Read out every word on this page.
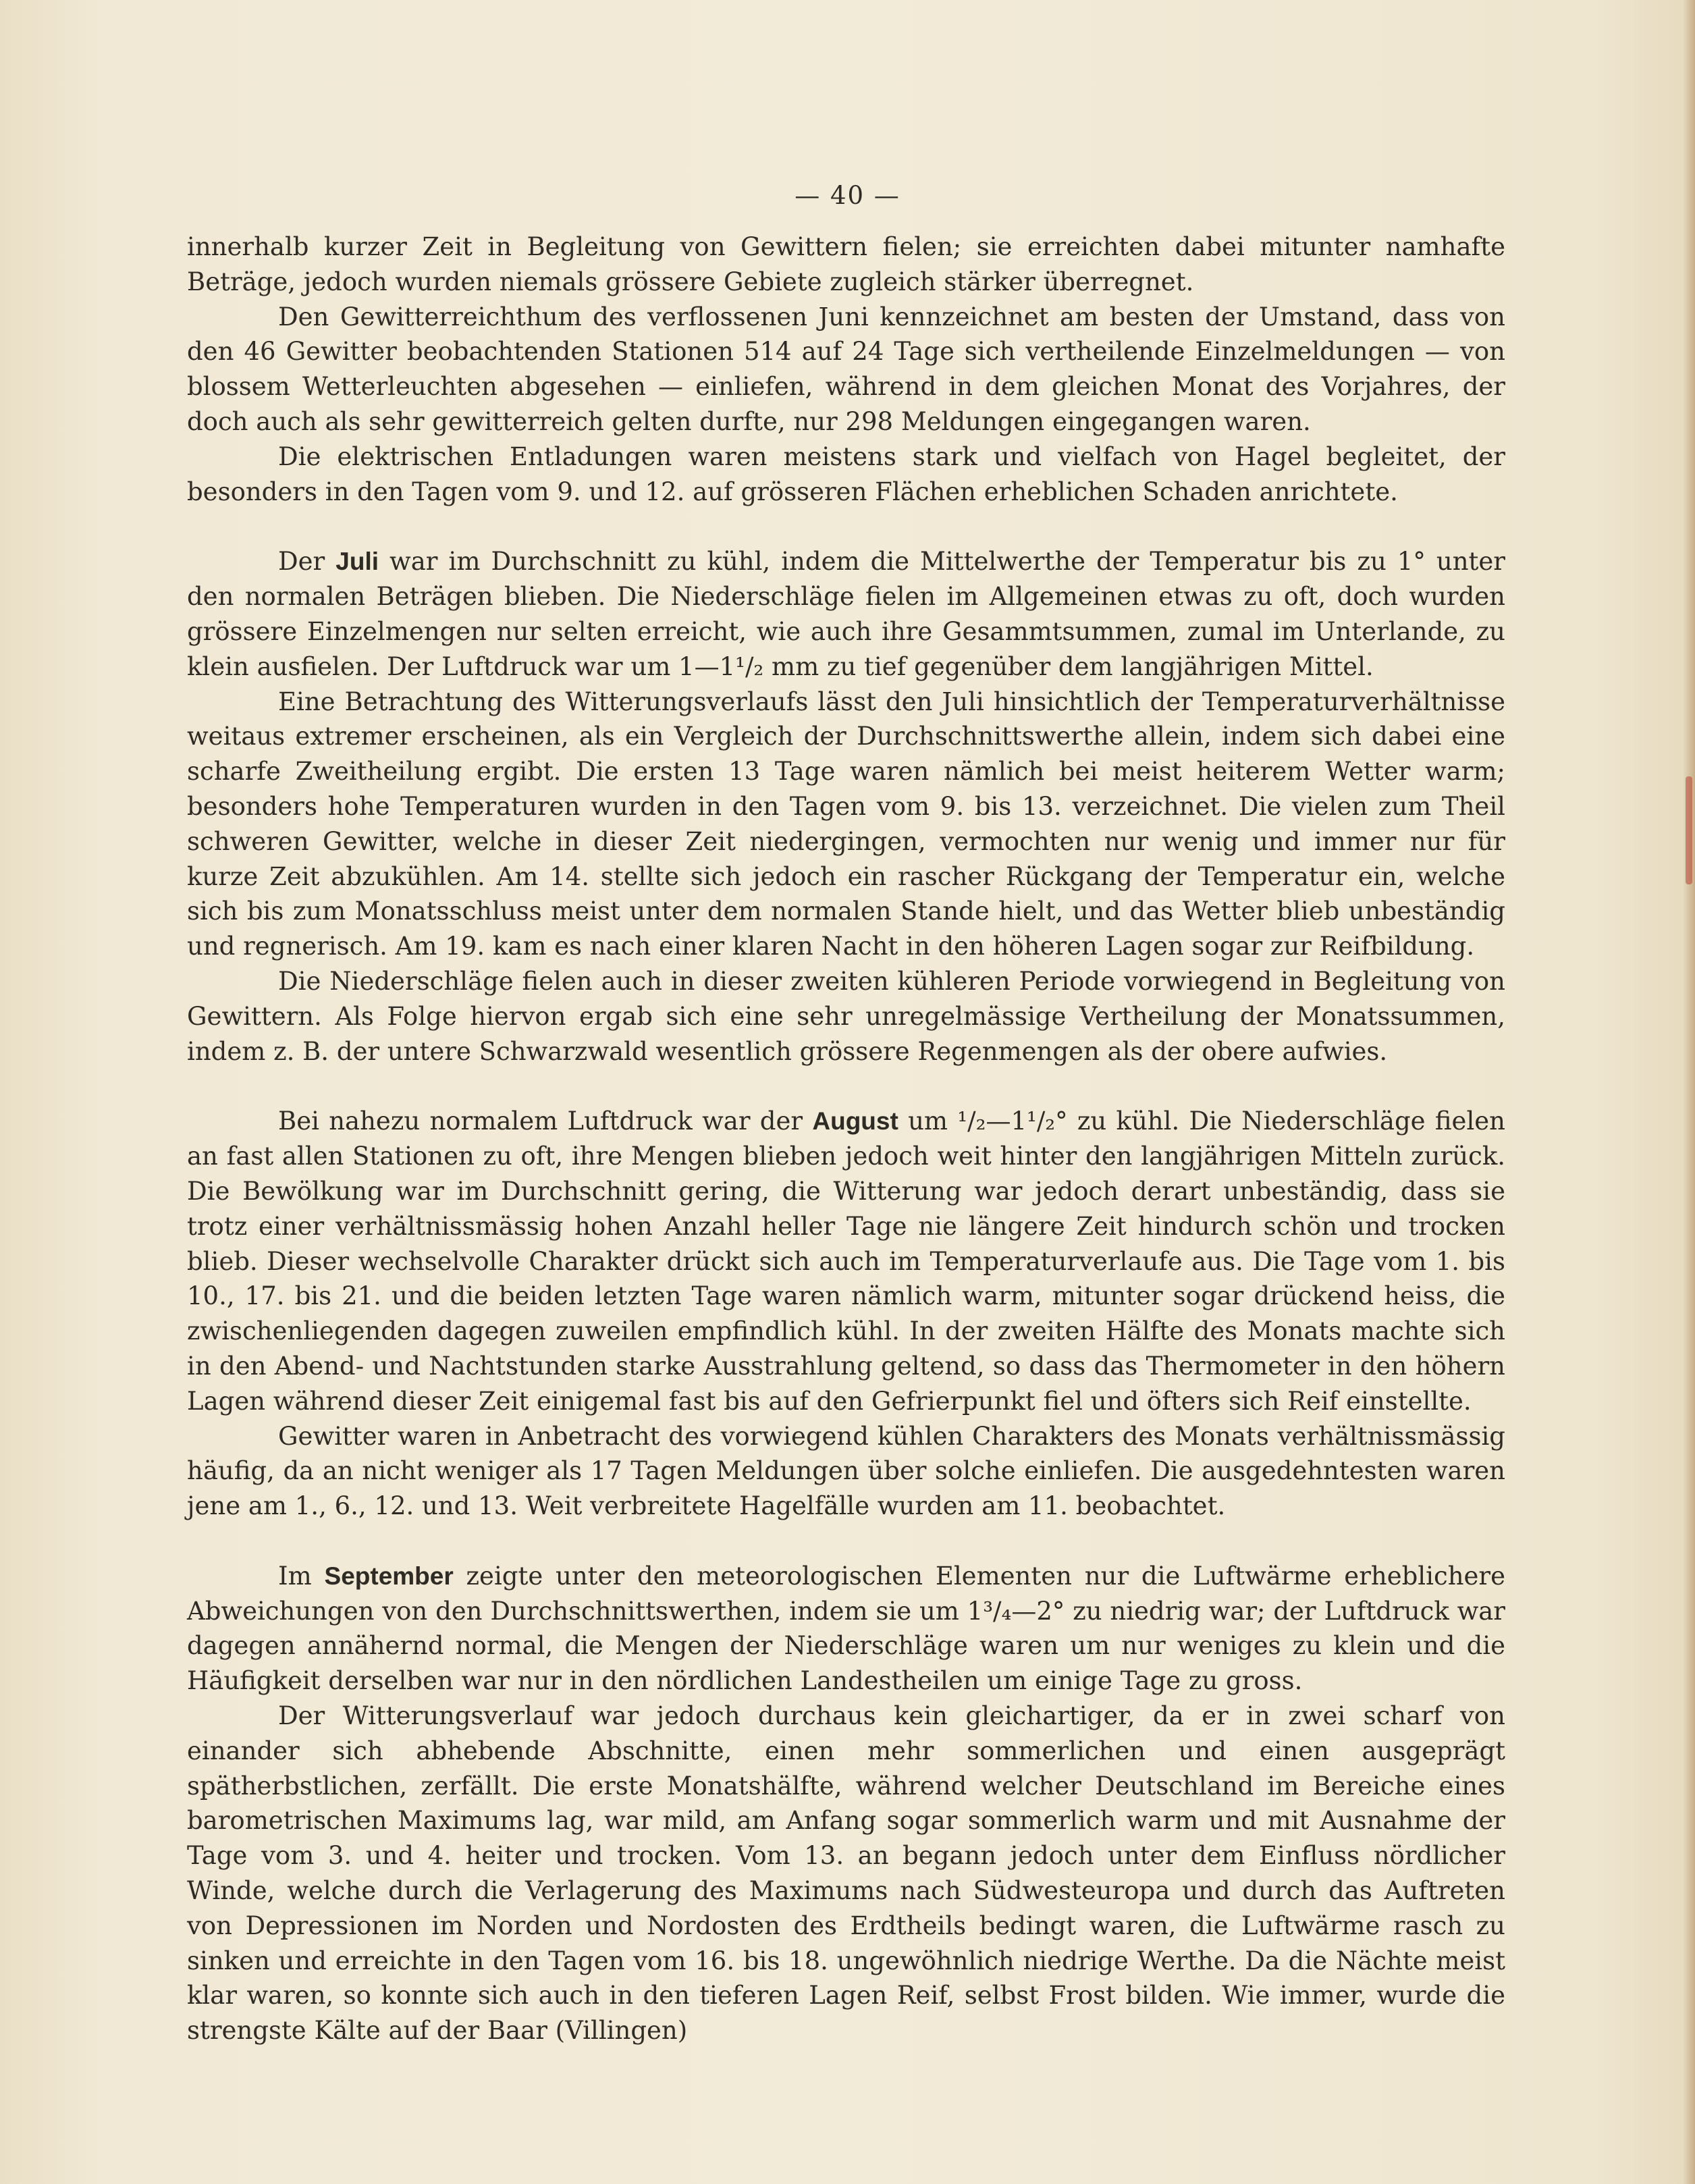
— 40 —

innerhalb kurzer Zeit in Begleitung von Gewittern fielen; sie erreichten dabei mitunter namhafte Beträge, jedoch wurden niemals grössere Gebiete zugleich stärker überregnet.

Den Gewitterreichthum des verflossenen Juni kennzeichnet am besten der Umstand, dass von den 46 Gewitter beobachtenden Stationen 514 auf 24 Tage sich vertheilende Einzelmeldungen — von blossem Wetterleuchten abgesehen — einliefen, während in dem gleichen Monat des Vorjahres, der doch auch als sehr gewitterreich gelten durfte, nur 298 Meldungen eingegangen waren.

Die elektrischen Entladungen waren meistens stark und vielfach von Hagel begleitet, der besonders in den Tagen vom 9. und 12. auf grösseren Flächen erheblichen Schaden anrichtete.

Der Juli war im Durchschnitt zu kühl, indem die Mittelwerthe der Temperatur bis zu 1° unter den normalen Beträgen blieben. Die Niederschläge fielen im Allgemeinen etwas zu oft, doch wurden grössere Einzelmengen nur selten erreicht, wie auch ihre Gesammtsummen, zumal im Unterlande, zu klein ausfielen. Der Luftdruck war um 1—1¹/₂ mm zu tief gegenüber dem langjährigen Mittel.

Eine Betrachtung des Witterungsverlaufs lässt den Juli hinsichtlich der Temperaturverhältnisse weitaus extremer erscheinen, als ein Vergleich der Durchschnittswerthe allein, indem sich dabei eine scharfe Zweitheilung ergibt. Die ersten 13 Tage waren nämlich bei meist heiterem Wetter warm; besonders hohe Temperaturen wurden in den Tagen vom 9. bis 13. verzeichnet. Die vielen zum Theil schweren Gewitter, welche in dieser Zeit niedergingen, vermochten nur wenig und immer nur für kurze Zeit abzukühlen. Am 14. stellte sich jedoch ein rascher Rückgang der Temperatur ein, welche sich bis zum Monatsschluss meist unter dem normalen Stande hielt, und das Wetter blieb unbeständig und regnerisch. Am 19. kam es nach einer klaren Nacht in den höheren Lagen sogar zur Reifbildung.

Die Niederschläge fielen auch in dieser zweiten kühleren Periode vorwiegend in Begleitung von Gewittern. Als Folge hiervon ergab sich eine sehr unregelmässige Vertheilung der Monatssummen, indem z. B. der untere Schwarzwald wesentlich grössere Regenmengen als der obere aufwies.

Bei nahezu normalem Luftdruck war der August um ¹/₂—1¹/₂° zu kühl. Die Niederschläge fielen an fast allen Stationen zu oft, ihre Mengen blieben jedoch weit hinter den langjährigen Mitteln zurück. Die Bewölkung war im Durchschnitt gering, die Witterung war jedoch derart unbeständig, dass sie trotz einer verhältnissmässig hohen Anzahl heller Tage nie längere Zeit hindurch schön und trocken blieb. Dieser wechselvolle Charakter drückt sich auch im Temperaturverlaufe aus. Die Tage vom 1. bis 10., 17. bis 21. und die beiden letzten Tage waren nämlich warm, mitunter sogar drückend heiss, die zwischenliegenden dagegen zuweilen empfindlich kühl. In der zweiten Hälfte des Monats machte sich in den Abend- und Nachtstunden starke Ausstrahlung geltend, so dass das Thermometer in den höhern Lagen während dieser Zeit einigemal fast bis auf den Gefrierpunkt fiel und öfters sich Reif einstellte.

Gewitter waren in Anbetracht des vorwiegend kühlen Charakters des Monats verhältnissmässig häufig, da an nicht weniger als 17 Tagen Meldungen über solche einliefen. Die ausgedehntesten waren jene am 1., 6., 12. und 13. Weit verbreitete Hagelfälle wurden am 11. beobachtet.

Im September zeigte unter den meteorologischen Elementen nur die Luftwärme erheblichere Abweichungen von den Durchschnittswerthen, indem sie um 1³/₄—2° zu niedrig war; der Luftdruck war dagegen annähernd normal, die Mengen der Niederschläge waren um nur weniges zu klein und die Häufigkeit derselben war nur in den nördlichen Landestheilen um einige Tage zu gross.

Der Witterungsverlauf war jedoch durchaus kein gleichartiger, da er in zwei scharf von einander sich abhebende Abschnitte, einen mehr sommerlichen und einen ausgeprägt spätherbstlichen, zerfällt. Die erste Monatshälfte, während welcher Deutschland im Bereiche eines barometrischen Maximums lag, war mild, am Anfang sogar sommerlich warm und mit Ausnahme der Tage vom 3. und 4. heiter und trocken. Vom 13. an begann jedoch unter dem Einfluss nördlicher Winde, welche durch die Verlagerung des Maximums nach Südwesteuropa und durch das Auftreten von Depressionen im Norden und Nordosten des Erdtheils bedingt waren, die Luftwärme rasch zu sinken und erreichte in den Tagen vom 16. bis 18. ungewöhnlich niedrige Werthe. Da die Nächte meist klar waren, so konnte sich auch in den tieferen Lagen Reif, selbst Frost bilden. Wie immer, wurde die strengste Kälte auf der Baar (Villingen)
